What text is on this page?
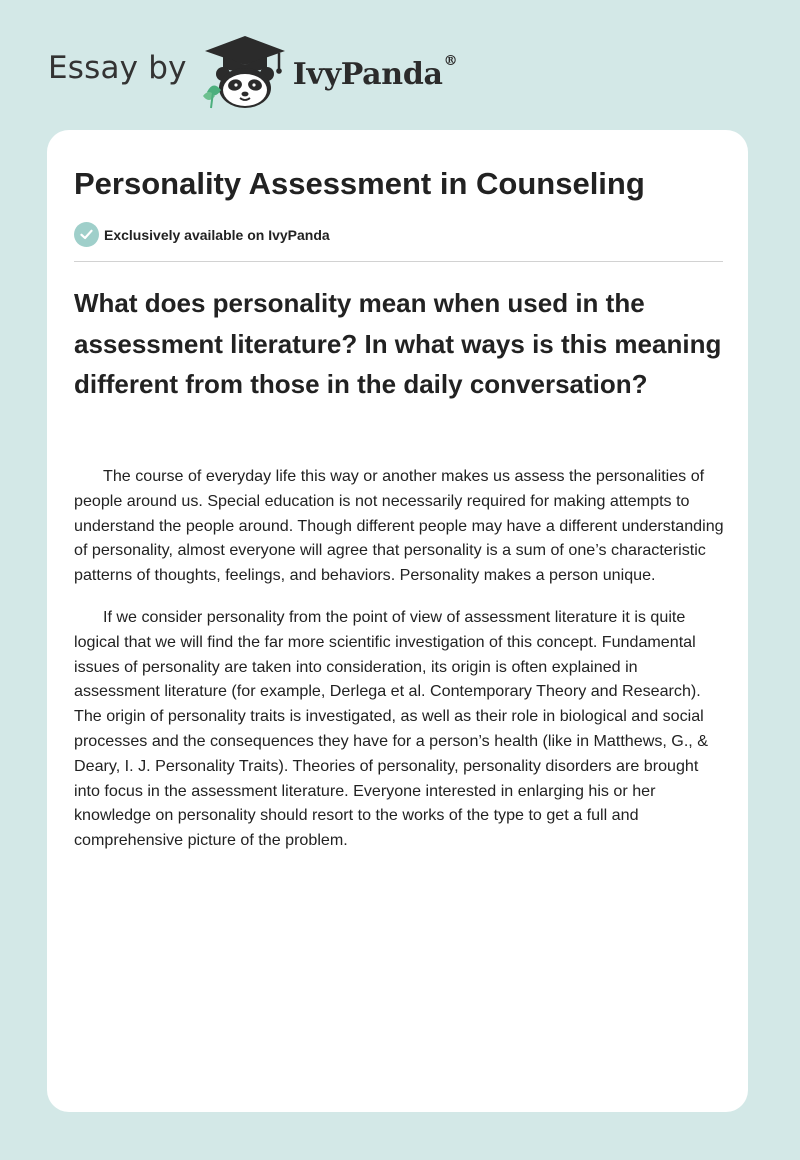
Essay by	IvyPanda®
Personality Assessment in Counseling
Exclusively available on IvyPanda
What does personality mean when used in the assessment literature? In what ways is this meaning different from those in the daily conversation?

The course of everyday life this way or another makes us assess the personalities of people around us. Special education is not necessarily required for making attempts to understand the people around. Though different people may have a different understanding of personality, almost everyone will agree that personality is a sum of one’s characteristic patterns of thoughts, feelings, and behaviors. Personality makes a person unique.

If we consider personality from the point of view of assessment literature it is quite logical that we will find the far more scientific investigation of this concept. Fundamental issues of personality are taken into consideration, its origin is often explained in assessment literature (for example, Derlega et al. Contemporary Theory and Research). The origin of personality traits is investigated, as well as their role in biological and social processes and the consequences they have for a person’s health (like in Matthews, G., & Deary, I. J. Personality Traits). Theories of personality, personality disorders are brought into focus in the assessment literature. Everyone interested in enlarging his or her knowledge on personality should resort to the works of the type to get a full and comprehensive picture of the problem.
